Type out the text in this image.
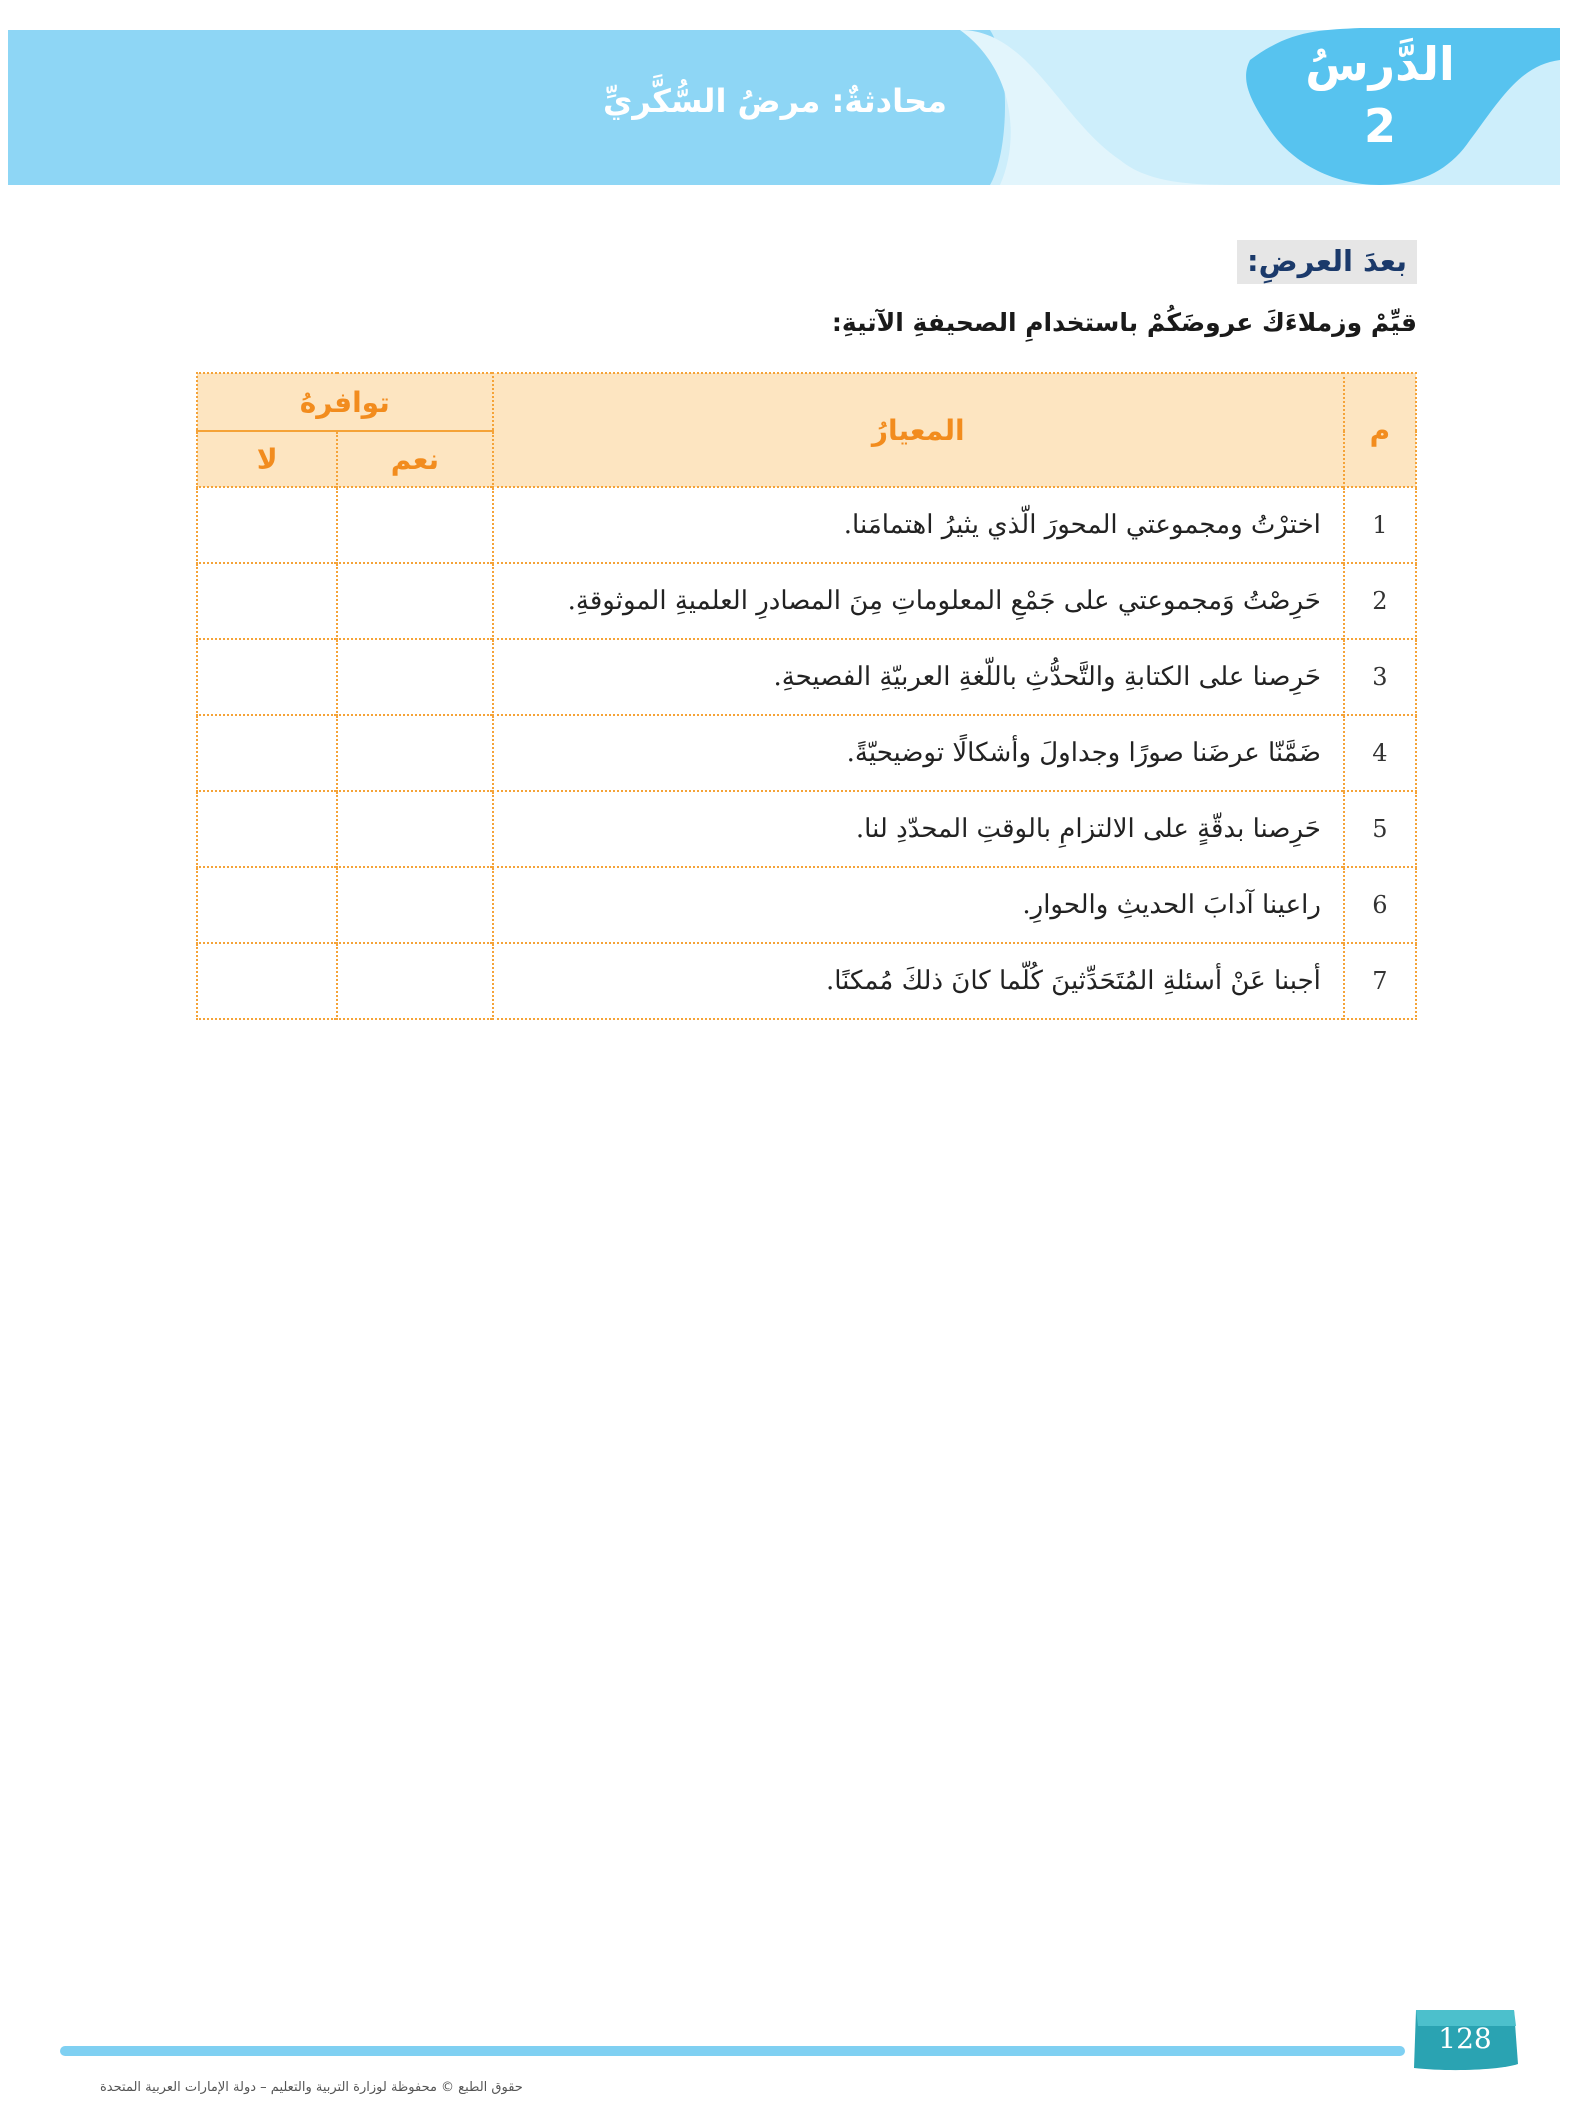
الدَّرسُ
2
محادثةٌ: مرضُ السُّكَّريِّ
بعدَ العرضِ:
قيِّمْ وزملاءَكَ عروضَكُمْ باستخدامِ الصحيفةِ الآتيةِ:
م	المعيارُ	توافرهُ	
		نعم	لا
1	اخترْتُ ومجموعتي المحورَ الّذي يثيرُ اهتمامَنا.		
2	حَرِصْتُ وَمجموعتي على جَمْعِ المعلوماتِ مِنَ المصادرِ العلميةِ الموثوقةِ.		
3	حَرِصنا على الكتابةِ والتَّحدُّثِ باللّغةِ العربيّةِ الفصيحةِ.		
4	ضَمَّنّا عرضَنا صورًا وجداولَ وأشكالًا توضيحيّةً.		
5	حَرِصنا بدقّةٍ على الالتزامِ بالوقتِ المحدّدِ لنا.		
6	راعينا آدابَ الحديثِ والحوارِ.		
7	أجبنا عَنْ أسئلةِ المُتَحَدِّثينَ كُلّما كانَ ذلكَ مُمكنًا.		
128
حقوق الطبع © محفوظة لوزارة التربية والتعليم – دولة الإمارات العربية المتحدة
